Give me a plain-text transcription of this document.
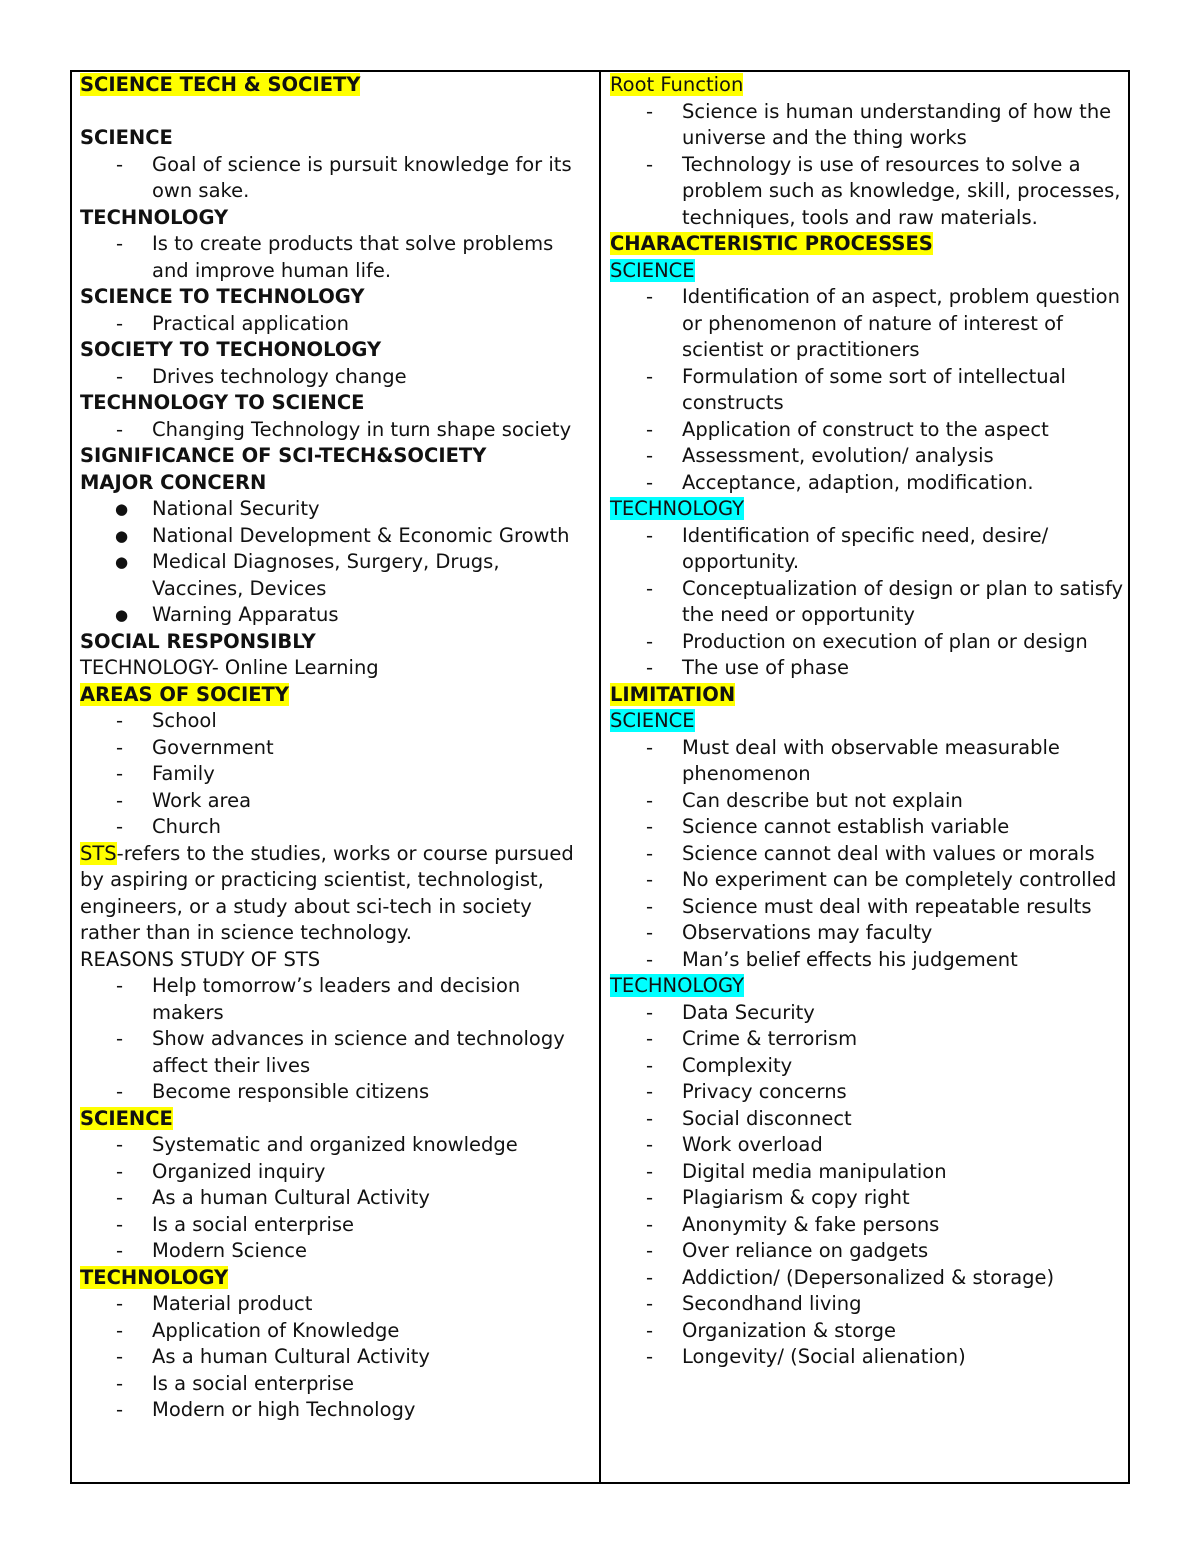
SCIENCE TECH & SOCIETY

SCIENCE
- Goal of science is pursuit knowledge for its own sake.
TECHNOLOGY
- Is to create products that solve problems and improve human life.
SCIENCE TO TECHNOLOGY
- Practical application
SOCIETY TO TECHONOLOGY
- Drives technology change
TECHNOLOGY TO SCIENCE
- Changing Technology in turn shape society
SIGNIFICANCE OF SCI-TECH&SOCIETY
MAJOR CONCERN
● National Security
● National Development & Economic Growth
● Medical Diagnoses, Surgery, Drugs, Vaccines, Devices
● Warning Apparatus
SOCIAL RESPONSIBLY
TECHNOLOGY- Online Learning
AREAS OF SOCIETY
- School
- Government
- Family
- Work area
- Church
STS-refers to the studies, works or course pursued by aspiring or practicing scientist, technologist, engineers, or a study about sci-tech in society rather than in science technology.
REASONS STUDY OF STS
- Help tomorrow’s leaders and decision makers
- Show advances in science and technology affect their lives
- Become responsible citizens
SCIENCE
- Systematic and organized knowledge
- Organized inquiry
- As a human Cultural Activity
- Is a social enterprise
- Modern Science
TECHNOLOGY
- Material product
- Application of Knowledge
- As a human Cultural Activity
- Is a social enterprise
- Modern or high Technology
Root Function
- Science is human understanding of how the universe and the thing works
- Technology is use of resources to solve a problem such as knowledge, skill, processes, techniques, tools and raw materials.
CHARACTERISTIC PROCESSES
SCIENCE
- Identification of an aspect, problem question or phenomenon of nature of interest of scientist or practitioners
- Formulation of some sort of intellectual constructs
- Application of construct to the aspect
- Assessment, evolution/ analysis
- Acceptance, adaption, modification.
TECHNOLOGY
- Identification of specific need, desire/ opportunity.
- Conceptualization of design or plan to satisfy the need or opportunity
- Production on execution of plan or design
- The use of phase
LIMITATION
SCIENCE
- Must deal with observable measurable phenomenon
- Can describe but not explain
- Science cannot establish variable
- Science cannot deal with values or morals
- No experiment can be completely controlled
- Science must deal with repeatable results
- Observations may faculty
- Man’s belief effects his judgement
TECHNOLOGY
- Data Security
- Crime & terrorism
- Complexity
- Privacy concerns
- Social disconnect
- Work overload
- Digital media manipulation
- Plagiarism & copy right
- Anonymity & fake persons
- Over reliance on gadgets
- Addiction/ (Depersonalized & storage)
- Secondhand living
- Organization & storge
- Longevity/ (Social alienation)
